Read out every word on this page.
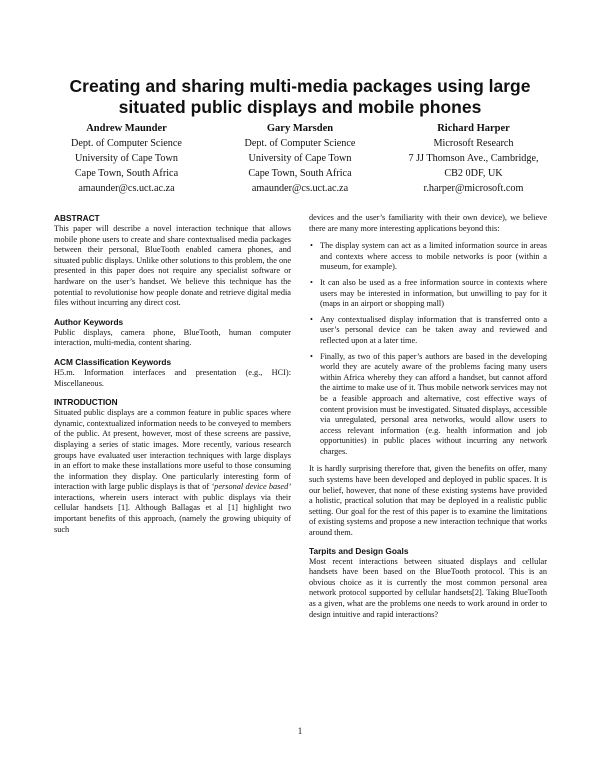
Creating and sharing multi-media packages using large situated public displays and mobile phones
Andrew Maunder
Dept. of Computer Science
University of Cape Town
Cape Town, South Africa
amaunder@cs.uct.ac.za
Gary Marsden
Dept. of Computer Science
University of Cape Town
Cape Town, South Africa
amaunder@cs.uct.ac.za
Richard Harper
Microsoft Research
7 JJ Thomson Ave., Cambridge,
CB2 0DF, UK
r.harper@microsoft.com
ABSTRACT

This paper will describe a novel interaction technique that allows mobile phone users to create and share contextualised media packages between their personal, BlueTooth enabled camera phones, and situated public displays. Unlike other solutions to this problem, the one presented in this paper does not require any specialist software or hardware on the user’s handset. We believe this technique has the potential to revolutionise how people donate and retrieve digital media files without incurring any direct cost.

Author Keywords

Public displays, camera phone, BlueTooth, human computer interaction, multi-media, content sharing.

ACM Classification Keywords

H5.m. Information interfaces and presentation (e.g., HCI): Miscellaneous.

INTRODUCTION

Situated public displays are a common feature in public spaces where dynamic, contextualized information needs to be conveyed to members of the public. At present, however, most of these screens are passive, displaying a series of static images. More recently, various research groups have evaluated user interaction techniques with large displays in an effort to make these installations more useful to those consuming the information they display. One particularly interesting form of interaction with large public displays is that of ‘personal device based’ interactions, wherein users interact with public displays via their cellular handsets [1]. Although Ballagas et al [1] highlight two important benefits of this approach, (namely the growing ubiquity of such

devices and the user’s familiarity with their own device), we believe there are many more interesting applications beyond this:

• The display system can act as a limited information source in areas and contexts where access to mobile networks is poor (within a museum, for example).
• It can also be used as a free information source in contexts where users may be interested in information, but unwilling to pay for it (maps in an airport or shopping mall)
• Any contextualised display information that is transferred onto a user’s personal device can be taken away and reviewed and reflected upon at a later time.
• Finally, as two of this paper’s authors are based in the developing world they are acutely aware of the problems facing many users within Africa whereby they can afford a handset, but cannot afford the airtime to make use of it. Thus mobile network services may not be a feasible approach and alternative, cost effective ways of content provision must be investigated. Situated displays, accessible via unregulated, personal area networks, would allow users to access relevant information (e.g. health information and job opportunities) in public places without incurring any network charges.

It is hardly surprising therefore that, given the benefits on offer, many such systems have been developed and deployed in public spaces. It is our belief, however, that none of these existing systems have provided a holistic, practical solution that may be deployed in a realistic public setting. Our goal for the rest of this paper is to examine the limitations of existing systems and propose a new interaction technique that works around them.

Tarpits and Design Goals

Most recent interactions between situated displays and cellular handsets have been based on the BlueTooth protocol. This is an obvious choice as it is currently the most common personal area network protocol supported by cellular handsets[2]. Taking BlueTooth as a given, what are the problems one needs to work around in order to design intuitive and rapid interactions?

1
